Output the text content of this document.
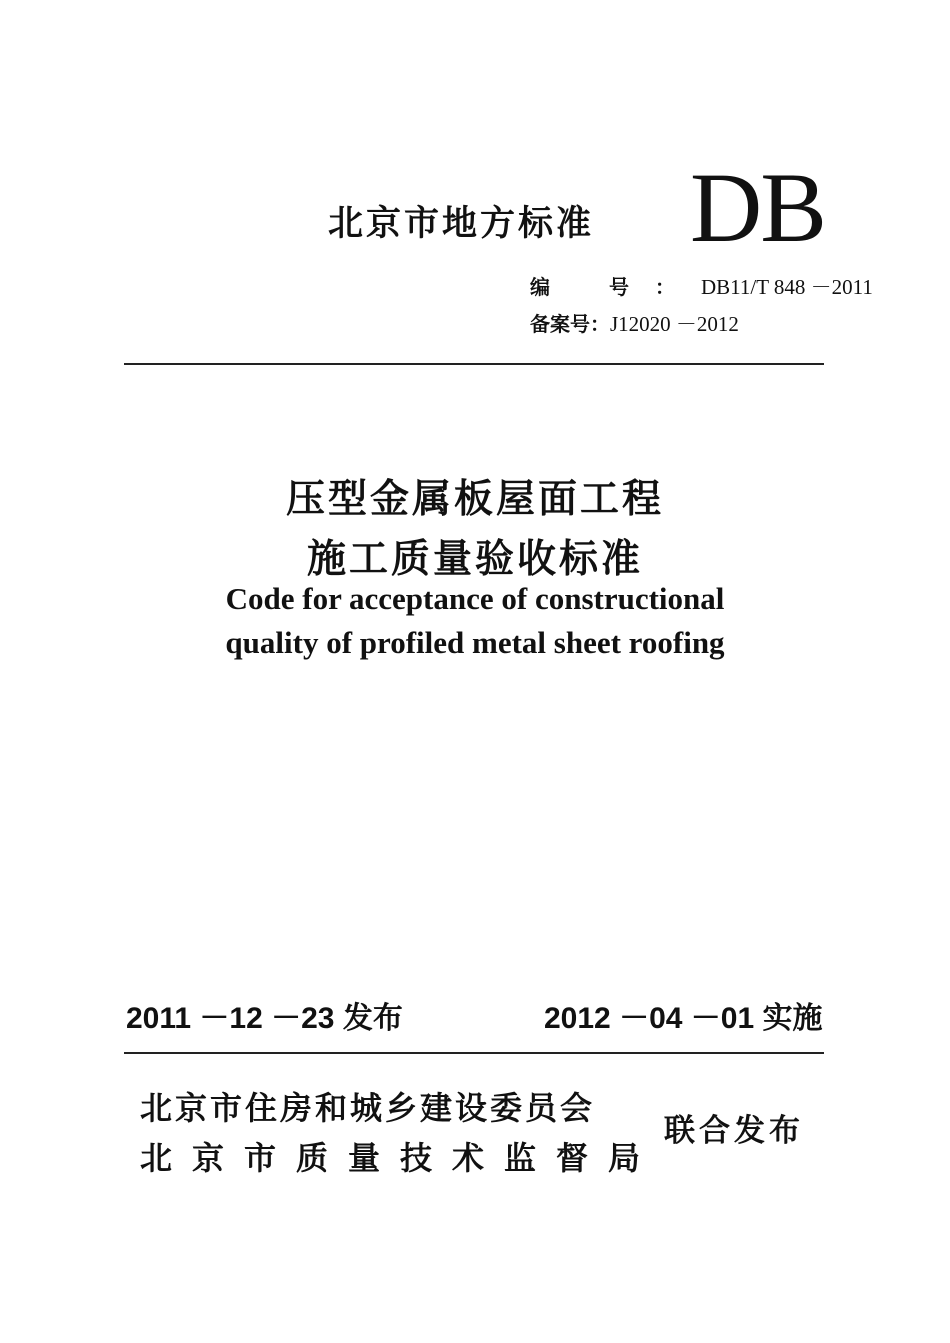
北京市地方标准 DB
编 号：DB11/T 848 －2011
备案号：J12020 －2012
压型金属板屋面工程
施工质量验收标准
Code for acceptance of constructional
quality of profiled metal sheet roofing
2011 －12 －23 发布	2012 －04 －01 实施
北京市住房和城乡建设委员会
北京市质量技术监督局
联合发布
